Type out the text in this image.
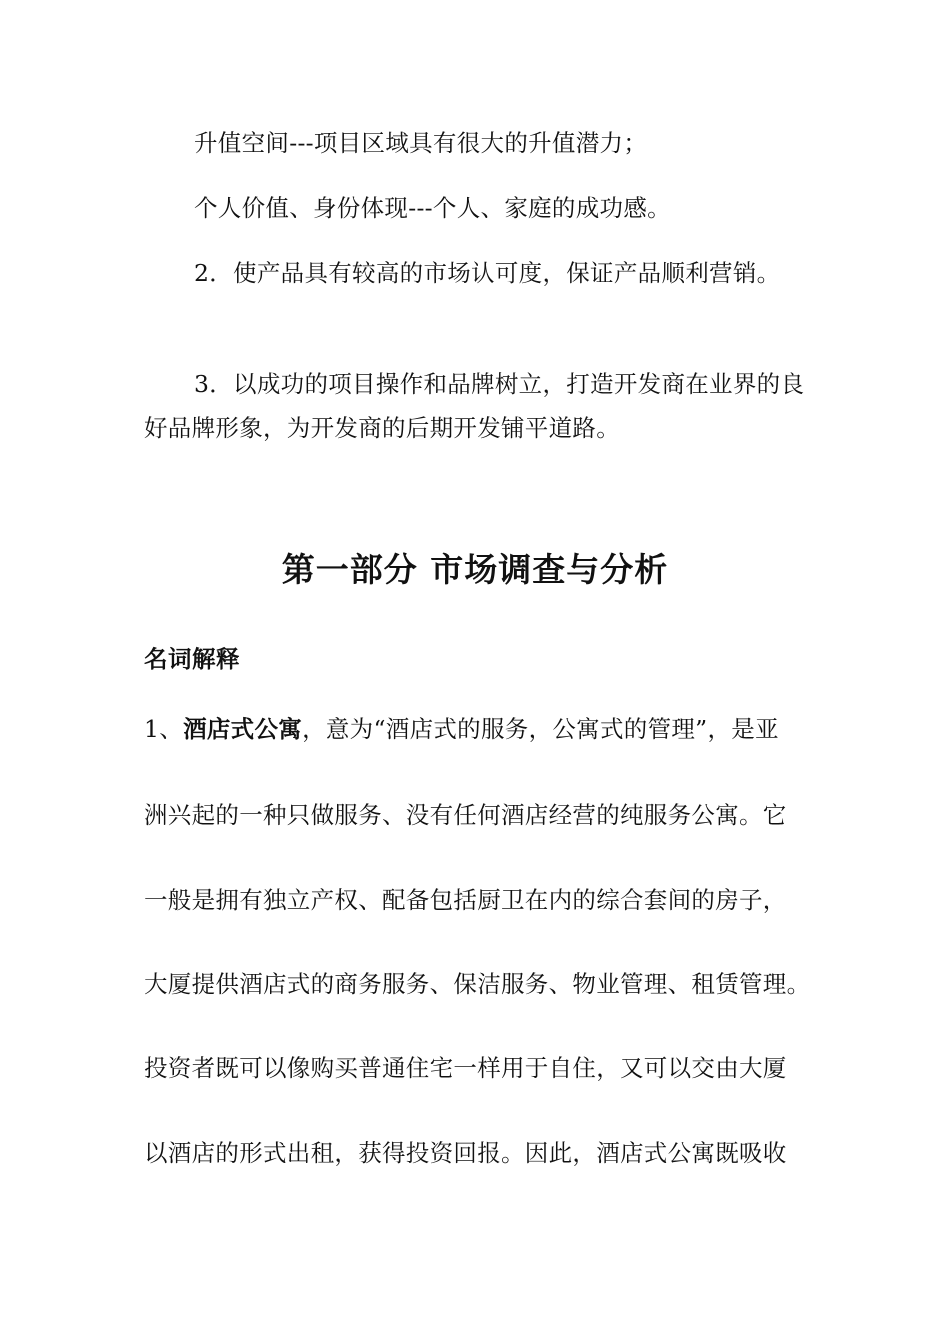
升值空间---项目区域具有很大的升值潜力；

个人价值、身份体现---个人、家庭的成功感。

2．使产品具有较高的市场认可度，保证产品顺利营销。

3．以成功的项目操作和品牌树立，打造开发商在业界的良好品牌形象，为开发商的后期开发铺平道路。

第一部分 市场调查与分析
名词解释

1、酒店式公寓，意为“酒店式的服务，公寓式的管理”，是亚

洲兴起的一种只做服务、没有任何酒店经营的纯服务公寓。它

一般是拥有独立产权、配备包括厨卫在内的综合套间的房子，

大厦提供酒店式的商务服务、保洁服务、物业管理、租赁管理。

投资者既可以像购买普通住宅一样用于自住，又可以交由大厦

以酒店的形式出租，获得投资回报。因此，酒店式公寓既吸收
